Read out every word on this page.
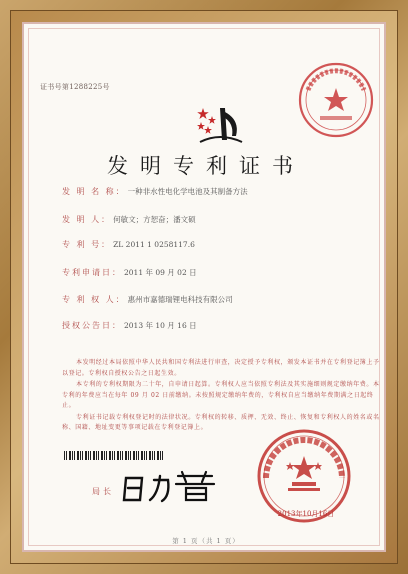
证书号第1288225号
发明专利证书
发 明 名 称： 一种非水性电化学电池及其制备方法
发 明 人： 何敏文；方恕奋；潘文硕
专 利 号： ZL 2011 1 0258117.6
专利申请日： 2011 年 09 月 02 日
专 利 权 人： 惠州市嘉德瑞锂电科技有限公司
授权公告日： 2013 年 10 月 16 日

本发明经过本局依照中华人民共和国专利法进行审查，决定授予专利权，颁发本证书并在专利登记簿上予以登记。专利权自授权公告之日起生效。

本专利的专利权期限为二十年，自申请日起算。专利权人应当依照专利法及其实施细则规定缴纳年费。本专利的年费应当在每年 09 月 02 日前缴纳。未按照规定缴纳年费的，专利权自应当缴纳年费期满之日起终止。

专利证书记载专利权登记时的法律状况。专利权的转移、质押、无效、终止、恢复和专利权人的姓名或名称、国籍、地址变更等事项记载在专利登记簿上。

局长
2013年10月16日
第 1 页（共 1 页）
